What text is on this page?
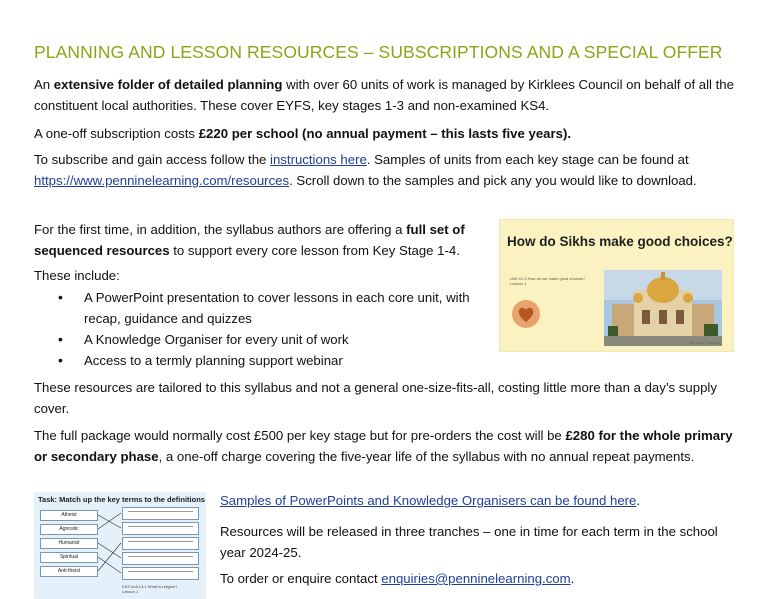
PLANNING AND LESSON RESOURCES – SUBSCRIPTIONS AND A SPECIAL OFFER
An extensive folder of detailed planning with over 60 units of work is managed by Kirklees Council on behalf of all the constituent local authorities. These cover EYFS, key stages 1-3 and non-examined KS4.
A one-off subscription costs £220 per school (no annual payment – this lasts five years).
To subscribe and gain access follow the instructions here. Samples of units from each key stage can be found at https://www.penninelearning.com/resources. Scroll down to the samples and pick any you would like to download.
For the first time, in addition, the syllabus authors are offering a full set of sequenced resources to support every core lesson from Key Stage 1-4.
These include:
• A PowerPoint presentation to cover lessons in each core unit, with recap, guidance and quizzes
• A Knowledge Organiser for every unit of work
• Access to a termly planning support webinar
How do Sikhs make good choices?
Unit X1.3 How do we make good choices? Lesson 1
Pennine Learning
These resources are tailored to this syllabus and not a general one-size-fits-all, costing little more than a day’s supply cover.
The full package would normally cost £500 per key stage but for pre-orders the cost will be £280 for the whole primary or secondary phase, a one-off charge covering the five-year life of the syllabus with no annual repeat payments.
Task: Match up the key terms to the definitions
Atheist
Agnostic
Humanist
Spiritual
Anti-theist
KS3 Unit L3.1 What is religion? Lesson 1
Samples of PowerPoints and Knowledge Organisers can be found here.
Resources will be released in three tranches – one in time for each term in the school year 2024-25.
To order or enquire contact enquiries@penninelearning.com.
